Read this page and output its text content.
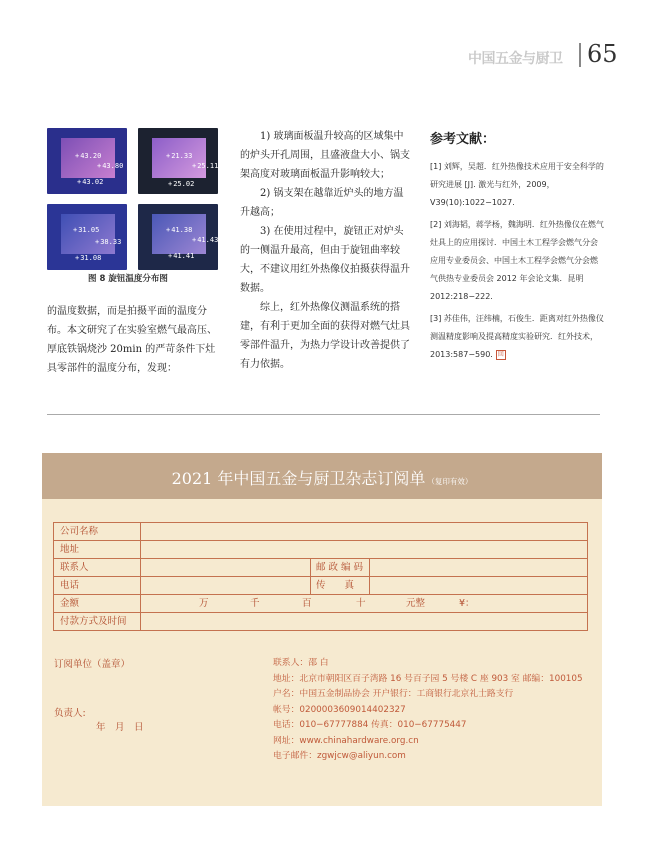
中国五金与厨卫 65
+ 43.20
+ 43.80
+ 43.02
+ 21.33
+ 25.11
+ 25.02
+ 31.05
+ 38.33
+ 31.08
+ 41.38
+ 41.43
+ 41.41
图 8 旋钮温度分布图

的温度数据，而是拍摄平面的温度分布。本文研究了在实验室燃气最高压、厚底铁锅烧沙 20min 的严苛条件下灶具零部件的温度分布，发现：

1) 玻璃面板温升较高的区域集中的炉头开孔周围，且盛液盘大小、锅支架高度对玻璃面板温升影响较大；

2) 锅支架在越靠近炉头的地方温升越高；

3) 在使用过程中，旋钮正对炉头的一侧温升最高，但由于旋钮曲率较大，不建议用红外热像仪拍摄获得温升数据。

综上，红外热像仪测温系统的搭建，有利于更加全面的获得对燃气灶具零部件温升，为热力学设计改善提供了有力依据。

参考文献：

[1] 刘辉，吴超．红外热像技术应用于安全科学的研究进展 [J]. 激光与红外，2009，V39(10):1022−1027.

[2] 刘海韬，蒋学杨，魏海明．红外热像仪在燃气灶具上的应用探讨．中国土木工程学会燃气分会应用专业委员会、中国土木工程学会燃气分会燃气供热专业委员会 2012 年会论文集．昆明 2012:218−222.

[3] 苏佳伟，汪纬楠，石俊生．距离对红外热像仪测温精度影响及提高精度实验研究．红外技术，2013:587−590. 回

2021 年中国五金与厨卫杂志订阅单 （复印有效）
公司名称
地址
联系人	邮 政 编 码
电话	传　　真
金额	万	千	百	十	元整	¥：
付款方式及时间
订阅单位（盖章）
负责人:
年　月　日
联系人：邵 白
地址：北京市朝阳区百子湾路 16 号百子园 5 号楼 C 座 903 室 邮编：100105
户名：中国五金制品协会 开户银行：工商银行北京礼士路支行
帐号：0200003609014402327
电话：010−67777884 传真：010−67775447
网址：www.chinahardware.org.cn
电子邮件：zgwjcw@aliyun.com
